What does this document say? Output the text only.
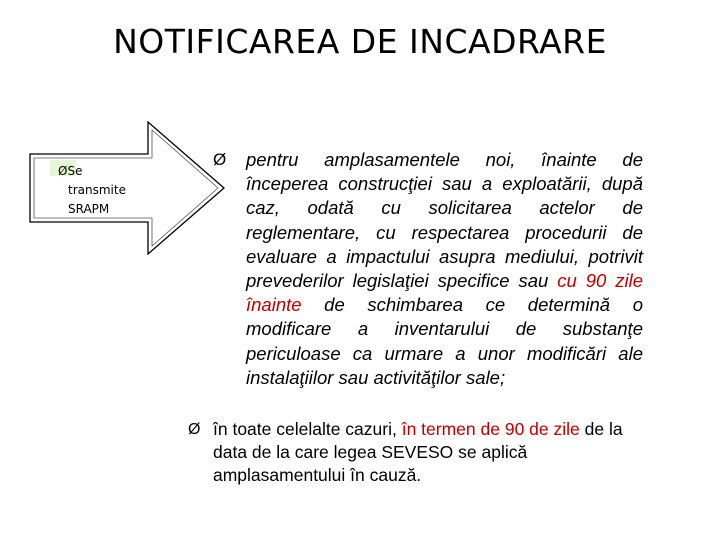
NOTIFICAREA DE INCADRARE
ØSe
transmite
SRAPM
Ø	pentru amplasamentele noi, înainte de începerea construcţiei sau a exploatării, după caz, odată cu solicitarea actelor de reglementare, cu respectarea procedurii de evaluare a impactului asupra mediului, potrivit prevederilor legislaţiei specifice sau cu 90 zile înainte de schimbarea ce determină o modificare a inventarului de substanţe periculoase ca urmare a unor modificări ale instalaţiilor sau activităţilor sale;
Ø în toate celelalte cazuri, în termen de 90 de zile de la data de la care legea SEVESO se aplică amplasamentului în cauză.
